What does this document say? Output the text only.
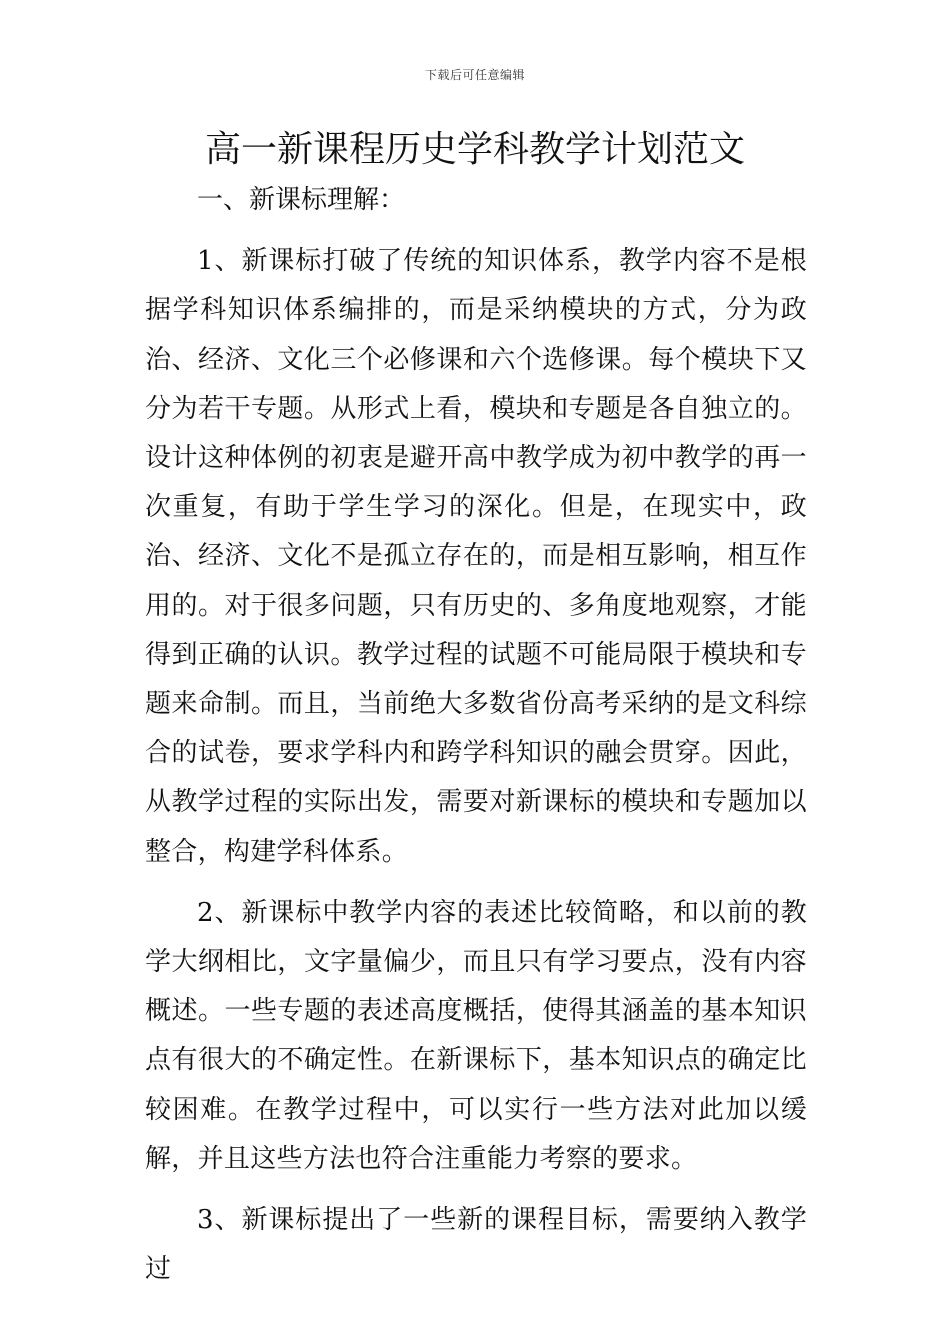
下载后可任意编辑
高一新课程历史学科教学计划范文

一、新课标理解：

1、新课标打破了传统的知识体系，教学内容不是根据学科知识体系编排的，而是采纳模块的方式，分为政治、经济、文化三个必修课和六个选修课。每个模块下又分为若干专题。从形式上看，模块和专题是各自独立的。设计这种体例的初衷是避开高中教学成为初中教学的再一次重复，有助于学生学习的深化。但是，在现实中，政治、经济、文化不是孤立存在的，而是相互影响，相互作用的。对于很多问题，只有历史的、多角度地观察，才能得到正确的认识。教学过程的试题不可能局限于模块和专题来命制。而且，当前绝大多数省份高考采纳的是文科综合的试卷，要求学科内和跨学科知识的融会贯穿。因此，从教学过程的实际出发，需要对新课标的模块和专题加以整合，构建学科体系。

2、新课标中教学内容的表述比较简略，和以前的教学大纲相比，文字量偏少，而且只有学习要点，没有内容概述。一些专题的表述高度概括，使得其涵盖的基本知识点有很大的不确定性。在新课标下，基本知识点的确定比较困难。在教学过程中，可以实行一些方法对此加以缓解，并且这些方法也符合注重能力考察的要求。

3、新课标提出了一些新的课程目标，需要纳入教学过
